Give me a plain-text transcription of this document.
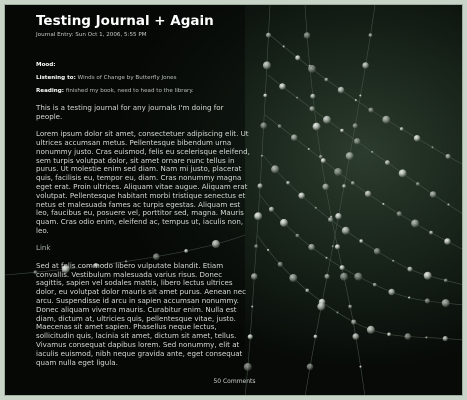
Testing Journal + Again
Journal Entry: Sun Oct 1, 2006, 5:55 PM
Mood:
Listening to: Winds of Change by Butterfly Jones
Reading: finished my book, need to head to the library.

This is a testing journal for any journals I'm doing for people.

Lorem ipsum dolor sit amet, consectetuer adipiscing elit. Ut ultrices accumsan metus. Pellentesque bibendum urna nonummy justo. Cras euismod, felis eu scelerisque eleifend, sem turpis volutpat dolor, sit amet ornare nunc tellus in purus. Ut molestie enim sed diam. Nam mi justo, placerat quis, facilisis eu, tempor eu, diam. Cras nonummy magna eget erat. Proin ultrices. Aliquam vitae augue. Aliquam erat volutpat. Pellentesque habitant morbi tristique senectus et netus et malesuada fames ac turpis egestas. Aliquam est leo, faucibus eu, posuere vel, porttitor sed, magna. Mauris quam. Cras odio enim, eleifend ac, tempus ut, iaculis non, leo.

Link

Sed at felis commodo libero vulputate blandit. Etiam convallis. Vestibulum malesuada varius risus. Donec sagittis, sapien vel sodales mattis, libero lectus ultrices dolor, eu volutpat dolor mauris sit amet purus. Aenean nec arcu. Suspendisse id arcu in sapien accumsan nonummy. Donec aliquam viverra mauris. Curabitur enim. Nulla est diam, dictum at, ultricies quis, pellentesque vitae, justo. Maecenas sit amet sapien. Phasellus neque lectus, sollicitudin quis, lacinia sit amet, dictum sit amet, tellus. Vivamus consequat dapibus lorem. Sed nonummy, elit at iaculis euismod, nibh neque gravida ante, eget consequat quam nulla eget ligula.

50 Comments
